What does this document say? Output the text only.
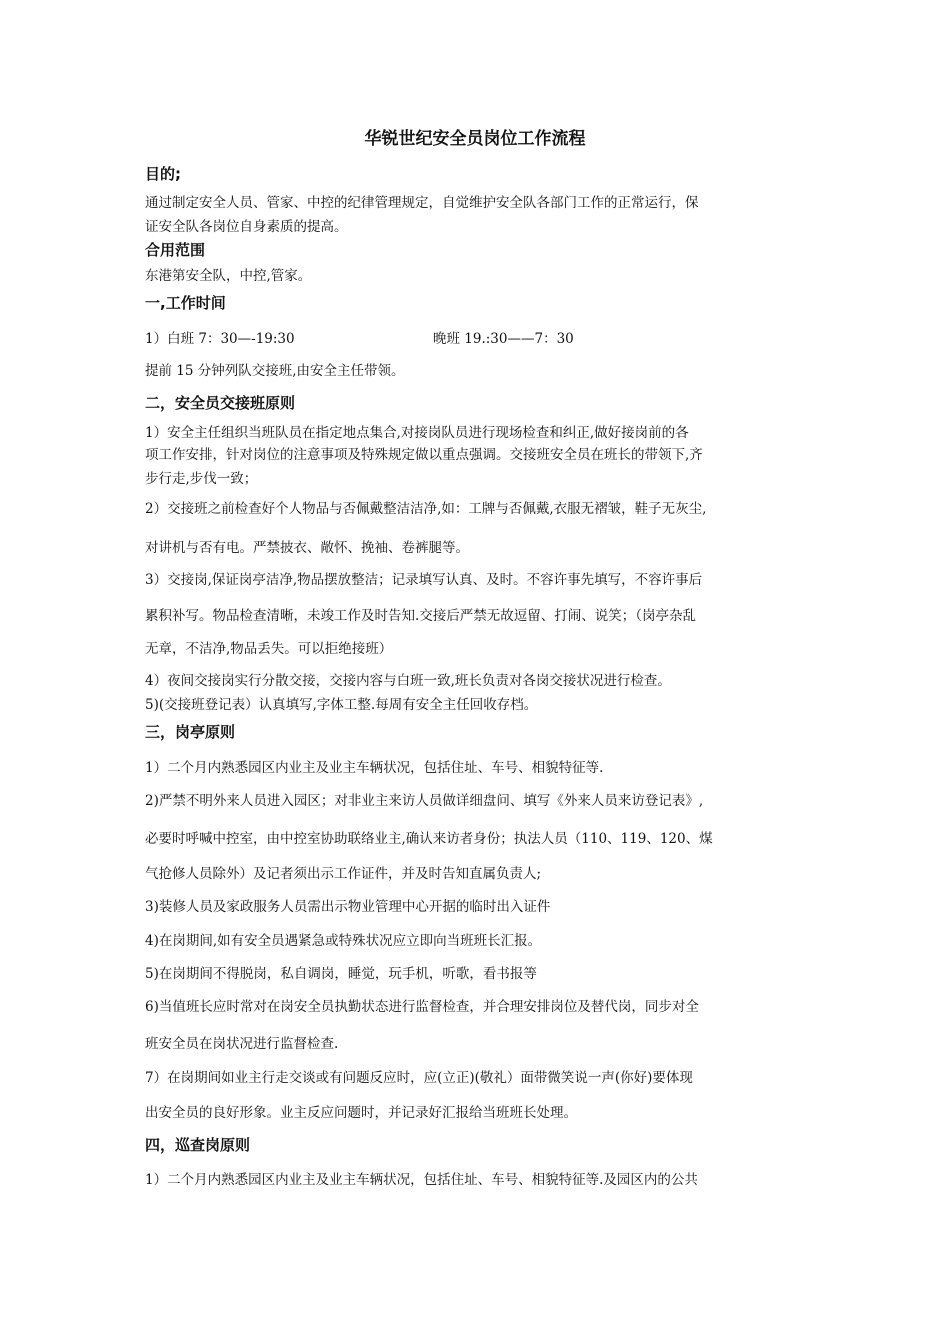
华锐世纪安全员岗位工作流程
目的;
通过制定安全人员、管家、中控的纪律管理规定，自觉维护安全队各部门工作的正常运行，保
证安全队各岗位自身素质的提高。
合用范围
东港第安全队，中控,管家。
一,工作时间
1）白班 7：30—-19:30	晚班 19.:30——7：30
提前 15 分钟列队交接班,由安全主任带领。
二，安全员交接班原则
1）安全主任组织当班队员在指定地点集合,对接岗队员进行现场检查和纠正,做好接岗前的各
项工作安排，针对岗位的注意事项及特殊规定做以重点强调。交接班安全员在班长的带领下,齐
步行走,步伐一致；
2）交接班之前检查好个人物品与否佩戴整洁洁净,如：工牌与否佩戴,衣服无褶皱，鞋子无灰尘,
对讲机与否有电。严禁披衣、敞怀、挽袖、卷裤腿等。
3）交接岗,保证岗亭洁净,物品摆放整洁；记录填写认真、及时。不容许事先填写，不容许事后
累积补写。物品检查清晰，未竣工作及时告知.交接后严禁无故逗留、打闹、说笑；（岗亭杂乱
无章，不洁净,物品丢失。可以拒绝接班）
4）夜间交接岗实行分散交接，交接内容与白班一致,班长负责对各岗交接状况进行检查。
5)(交接班登记表）认真填写,字体工整.每周有安全主任回收存档。
三，岗亭原则
1）二个月内熟悉园区内业主及业主车辆状况，包括住址、车号、相貌特征等.
2)严禁不明外来人员进入园区；对非业主来访人员做详细盘问、填写《外来人员来访登记表》,
必要时呼喊中控室，由中控室协助联络业主,确认来访者身份；执法人员（110、119、120、煤
气抢修人员除外）及记者须出示工作证件，并及时告知直属负责人;
3)装修人员及家政服务人员需出示物业管理中心开据的临时出入证件
4)在岗期间,如有安全员遇紧急或特殊状况应立即向当班班长汇报。
5)在岗期间不得脱岗，私自调岗，睡觉，玩手机，听歌，看书报等
6)当值班长应时常对在岗安全员执勤状态进行监督检查，并合理安排岗位及替代岗，同步对全
班安全员在岗状况进行监督检查.
7）在岗期间如业主行走交谈或有问题反应时，应(立正)(敬礼）面带微笑说一声(你好)要体现
出安全员的良好形象。业主反应问题时，并记录好汇报给当班班长处理。
四，巡查岗原则
1）二个月内熟悉园区内业主及业主车辆状况，包括住址、车号、相貌特征等.及园区内的公共
